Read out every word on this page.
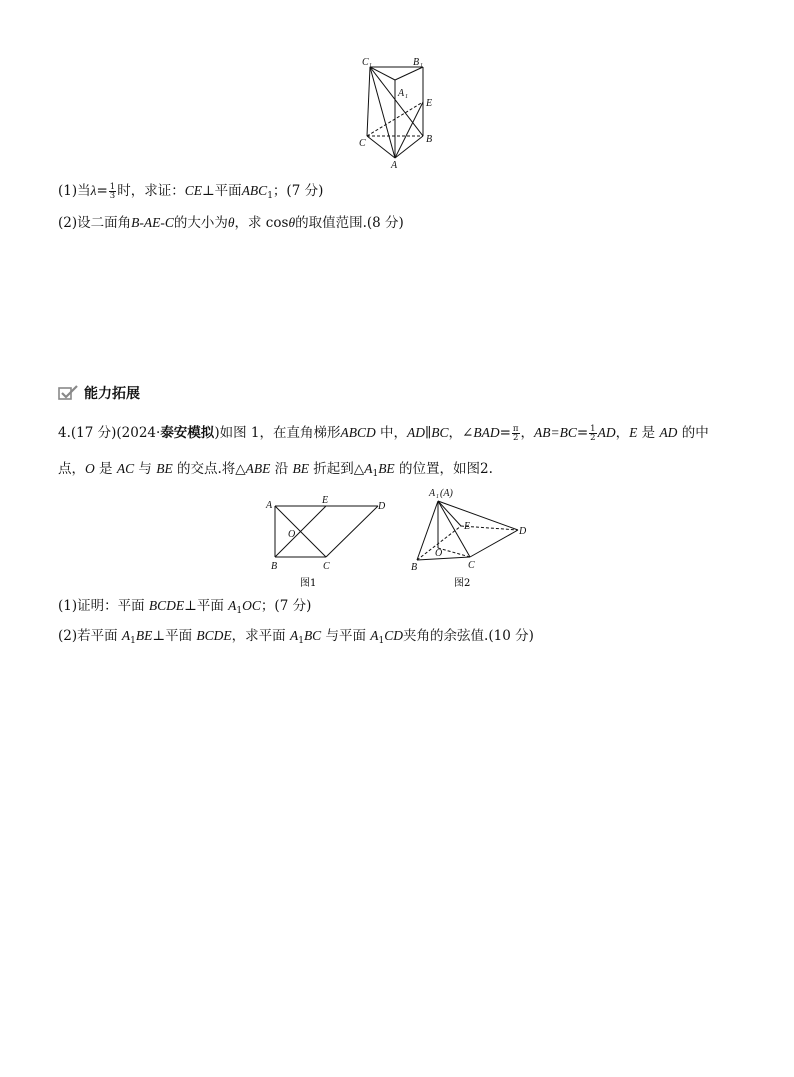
C 1	B 1
A 1
E
C	B
A
(1)当$\lambda= \frac{1}{3}$ 时，求证：CE⊥平面$ABC_1$；(7 分)
(2)设二面角B-AE-C的大小为θ，求 cosθ的取值范围.(8 分)
能力拓展
4.(17 分)(2024·泰安模拟)如图 1，在直角梯形ABCD 中，AD∥BC，∠BAD= $\frac{\pi}{2}$ ，$AB=BC= \frac{1}{2}$ AD，E 是 AD 的中
点，O 是 AC 与 BE 的交点.将△ABE 沿 BE 折起到$\triangle A_1BE$ 的位置，如图2.
A	E
D
O
B	C
图1
A 1 (A)
E	D
O
B	C
图2
(1)证明：平面 BCDE⊥平面 $A_1OC$；(7 分)
(2)若平面 $A_1BE\perp$平面 BCDE，求平面 $A_1BC$ 与平面 $A_1CD$夹角的余弦值.(10 分)
